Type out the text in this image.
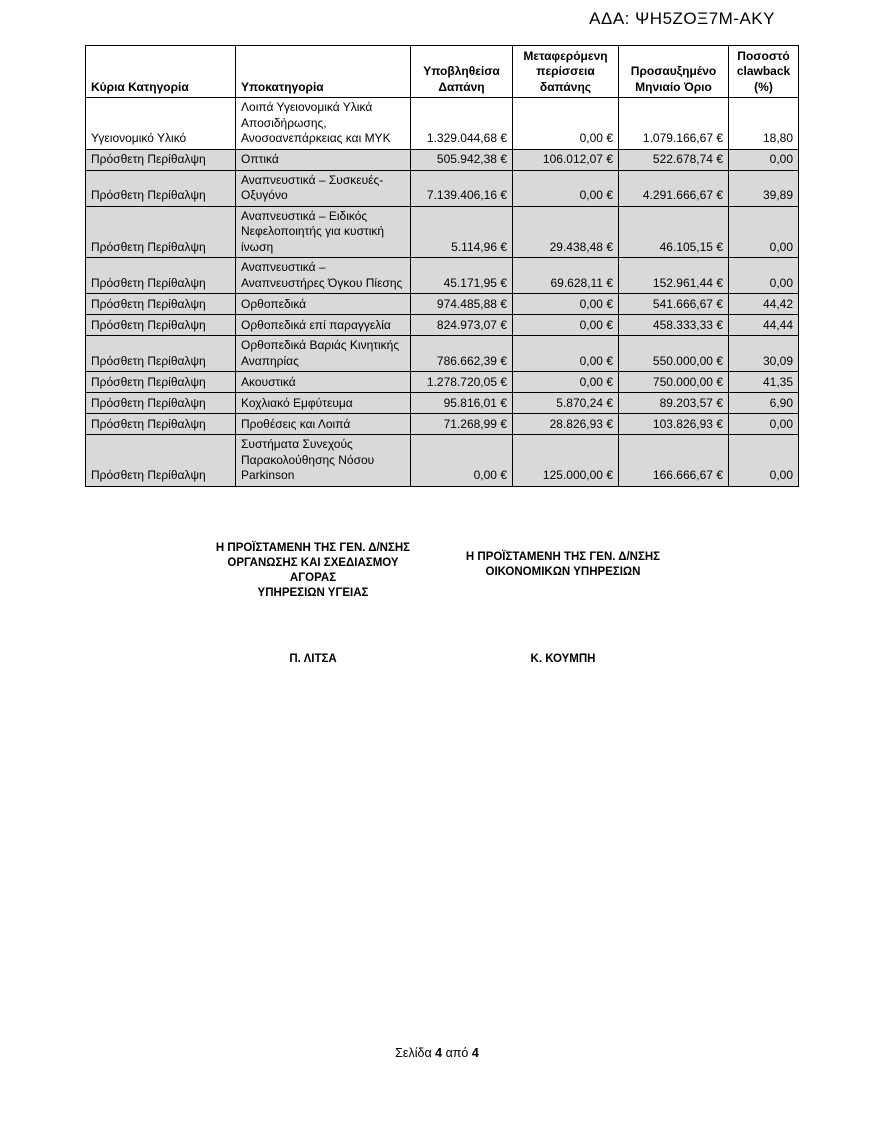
ΑΔΑ: ΨΗ5ΖΟΞ7Μ-ΑΚΥ
Κύρια Κατηγορία	Υποκατηγορία	Υποβληθείσα Δαπάνη	Μεταφερόμενη περίσσεια δαπάνης	Προσαυξημένο Μηνιαίο Όριο	Ποσοστό clawback (%)
Υγειονομικό Υλικό	Λοιπά Υγειονομικά Υλικά Αποσιδήρωσης, Ανοσοανεπάρκειας και ΜΥΚ	1.329.044,68 €	0,00 €	1.079.166,67 €	18,80
Πρόσθετη Περίθαλψη	Οπτικά	505.942,38 €	106.012,07 €	522.678,74 €	0,00
Πρόσθετη Περίθαλψη	Αναπνευστικά – Συσκευές-Οξυγόνο	7.139.406,16 €	0,00 €	4.291.666,67 €	39,89
Πρόσθετη Περίθαλψη	Αναπνευστικά – Ειδικός Νεφελοποιητής για κυστική ίνωση	5.114,96 €	29.438,48 €	46.105,15 €	0,00
Πρόσθετη Περίθαλψη	Αναπνευστικά – Αναπνευστήρες Όγκου Πίεσης	45.171,95 €	69.628,11 €	152.961,44 €	0,00
Πρόσθετη Περίθαλψη	Ορθοπεδικά	974.485,88 €	0,00 €	541.666,67 €	44,42
Πρόσθετη Περίθαλψη	Ορθοπεδικά επί παραγγελία	824.973,07 €	0,00 €	458.333,33 €	44,44
Πρόσθετη Περίθαλψη	Ορθοπεδικά Βαριάς Κινητικής Αναπηρίας	786.662,39 €	0,00 €	550.000,00 €	30,09
Πρόσθετη Περίθαλψη	Ακουστικά	1.278.720,05 €	0,00 €	750.000,00 €	41,35
Πρόσθετη Περίθαλψη	Κοχλιακό Εμφύτευμα	95.816,01 €	5.870,24 €	89.203,57 €	6,90
Πρόσθετη Περίθαλψη	Προθέσεις και Λοιπά	71.268,99 €	28.826,93 €	103.826,93 €	0,00
Πρόσθετη Περίθαλψη	Συστήματα Συνεχούς Παρακολούθησης Νόσου Parkinson	0,00 €	125.000,00 €	166.666,67 €	0,00
Η ΠΡΟΪΣΤΑΜΕΝΗ ΤΗΣ ΓΕΝ. Δ/ΝΣΗΣ
ΟΡΓΑΝΩΣΗΣ ΚΑΙ ΣΧΕΔΙΑΣΜΟΥ ΑΓΟΡΑΣ
ΥΠΗΡΕΣΙΩΝ ΥΓΕΙΑΣ
Η ΠΡΟΪΣΤΑΜΕΝΗ ΤΗΣ ΓΕΝ. Δ/ΝΣΗΣ
ΟΙΚΟΝΟΜΙΚΩΝ ΥΠΗΡΕΣΙΩΝ
Π. ΛΙΤΣΑ	Κ. ΚΟΥΜΠΗ
Σελίδα 4 από 4
